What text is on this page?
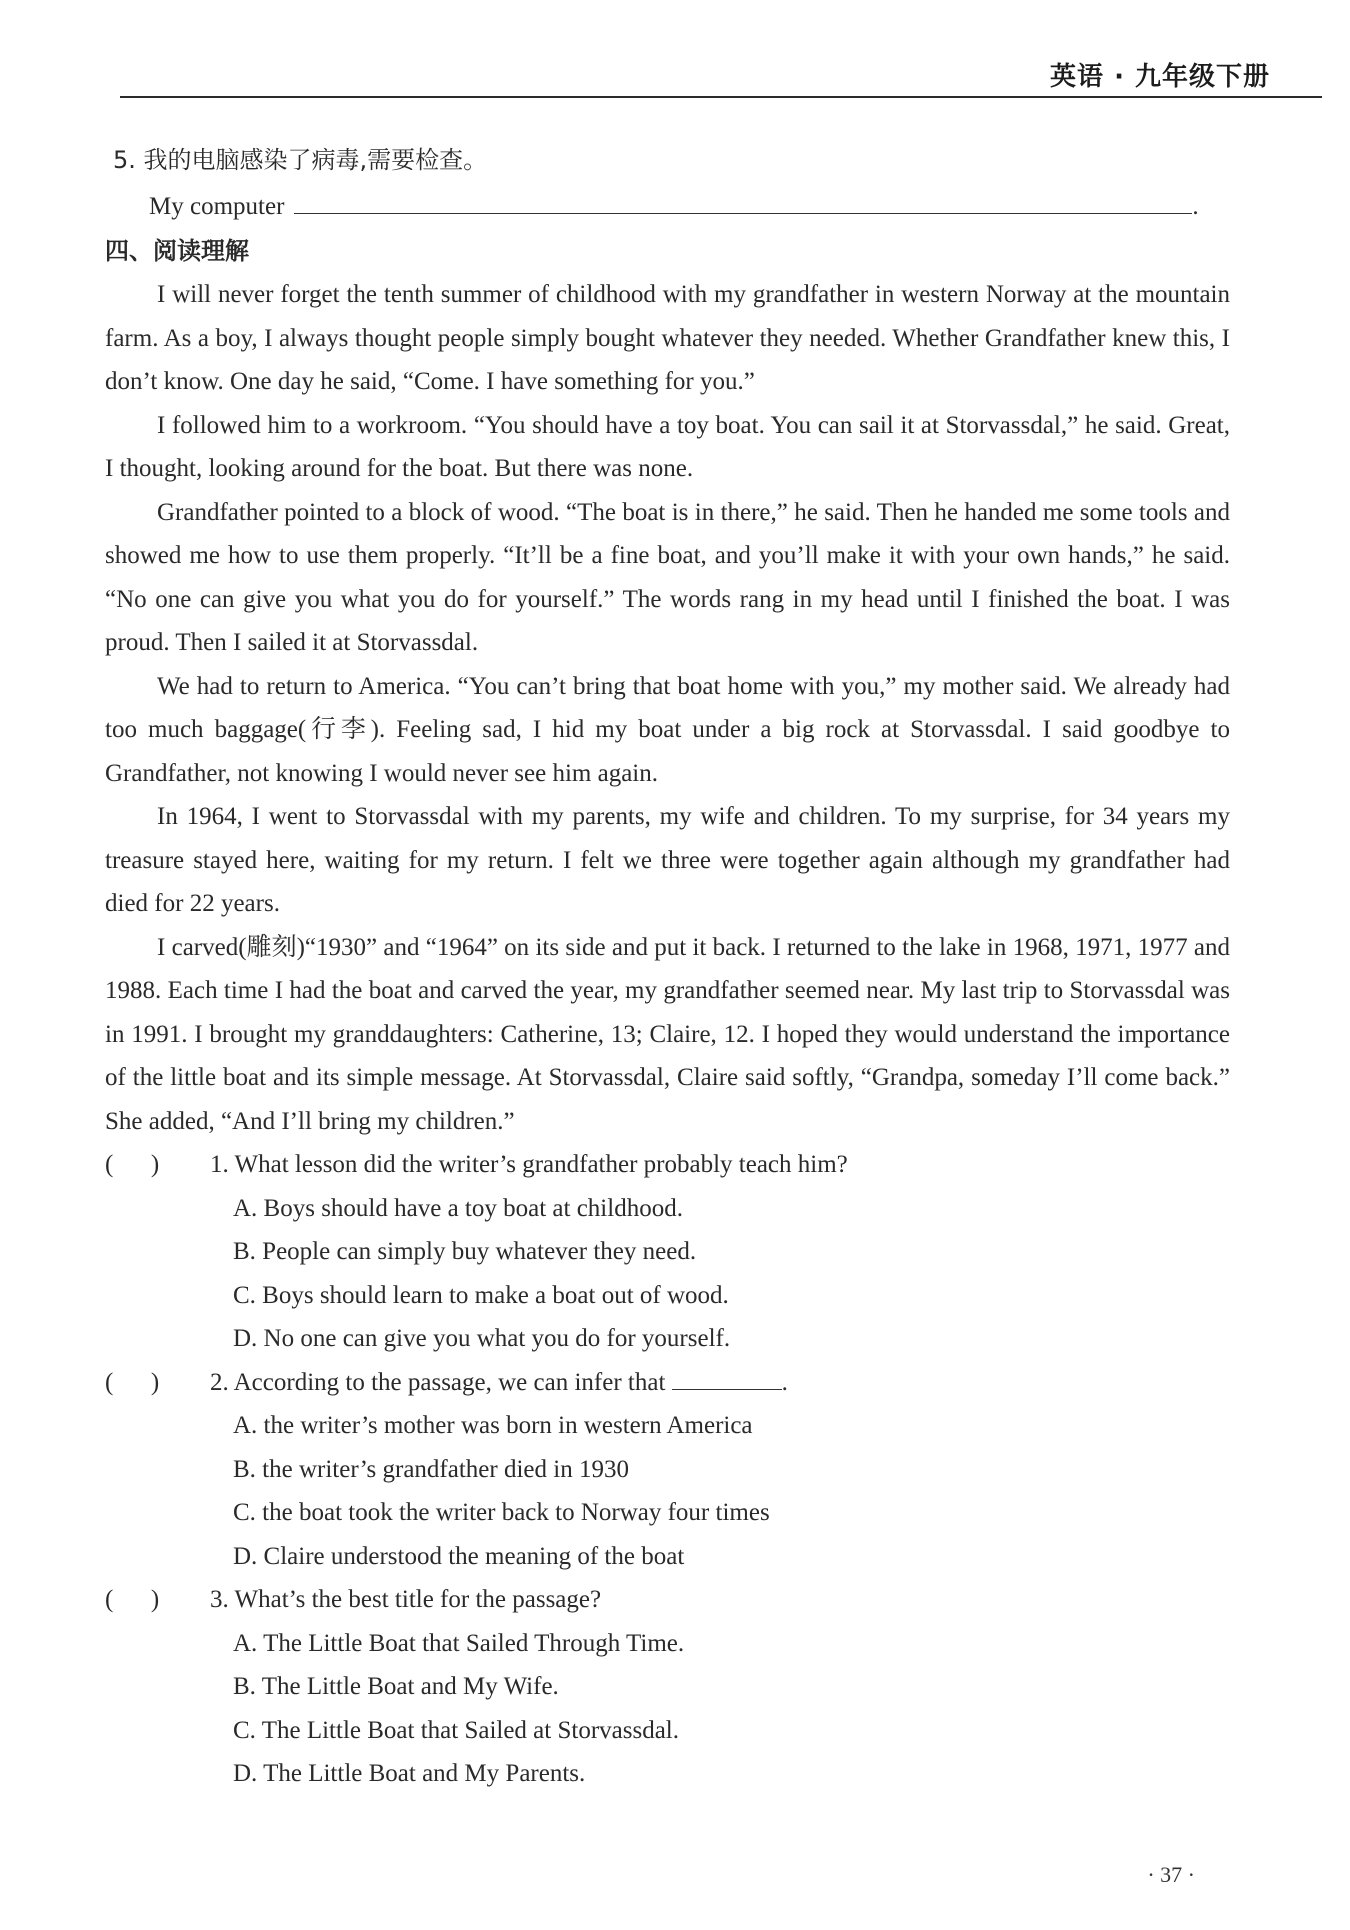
英语 · 九年级下册
5. 我的电脑感染了病毒,需要检查。
My computer	.
四、阅读理解

I will never forget the tenth summer of childhood with my grandfather in western Norway at the mountain farm. As a boy, I always thought people simply bought whatever they needed. Whether Grandfather knew this, I don’t know. One day he said, “Come. I have something for you.”

I followed him to a workroom. “You should have a toy boat. You can sail it at Storvassdal,” he said. Great, I thought, looking around for the boat. But there was none.

Grandfather pointed to a block of wood. “The boat is in there,” he said. Then he handed me some tools and showed me how to use them properly. “It’ll be a fine boat, and you’ll make it with your own hands,” he said. “No one can give you what you do for yourself.” The words rang in my head until I finished the boat. I was proud. Then I sailed it at Storvassdal.

We had to return to America. “You can’t bring that boat home with you,” my mother said. We already had too much baggage(行李). Feeling sad, I hid my boat under a big rock at Storvassdal. I said goodbye to Grandfather, not knowing I would never see him again.

In 1964, I went to Storvassdal with my parents, my wife and children. To my surprise, for 34 years my treasure stayed here, waiting for my return. I felt we three were together again although my grandfather had died for 22 years.

I carved(雕刻)“1930” and “1964” on its side and put it back. I returned to the lake in 1968, 1971, 1977 and 1988. Each time I had the boat and carved the year, my grandfather seemed near. My last trip to Storvassdal was in 1991. I brought my granddaughters: Catherine, 13; Claire, 12. I hoped they would understand the importance of the little boat and its simple message. At Storvassdal, Claire said softly, “Grandpa, someday I’ll come back.” She added, “And I’ll bring my children.”

(      )	1. What lesson did the writer’s grandfather probably teach him?
A. Boys should have a toy boat at childhood.
B. People can simply buy whatever they need.
C. Boys should learn to make a boat out of wood.
D. No one can give you what you do for yourself.
(      )	2. According to the passage, we can infer that	.
A. the writer’s mother was born in western America
B. the writer’s grandfather died in 1930
C. the boat took the writer back to Norway four times
D. Claire understood the meaning of the boat
(      )	3. What’s the best title for the passage?
A. The Little Boat that Sailed Through Time.
B. The Little Boat and My Wife.
C. The Little Boat that Sailed at Storvassdal.
D. The Little Boat and My Parents.
· 37 ·
